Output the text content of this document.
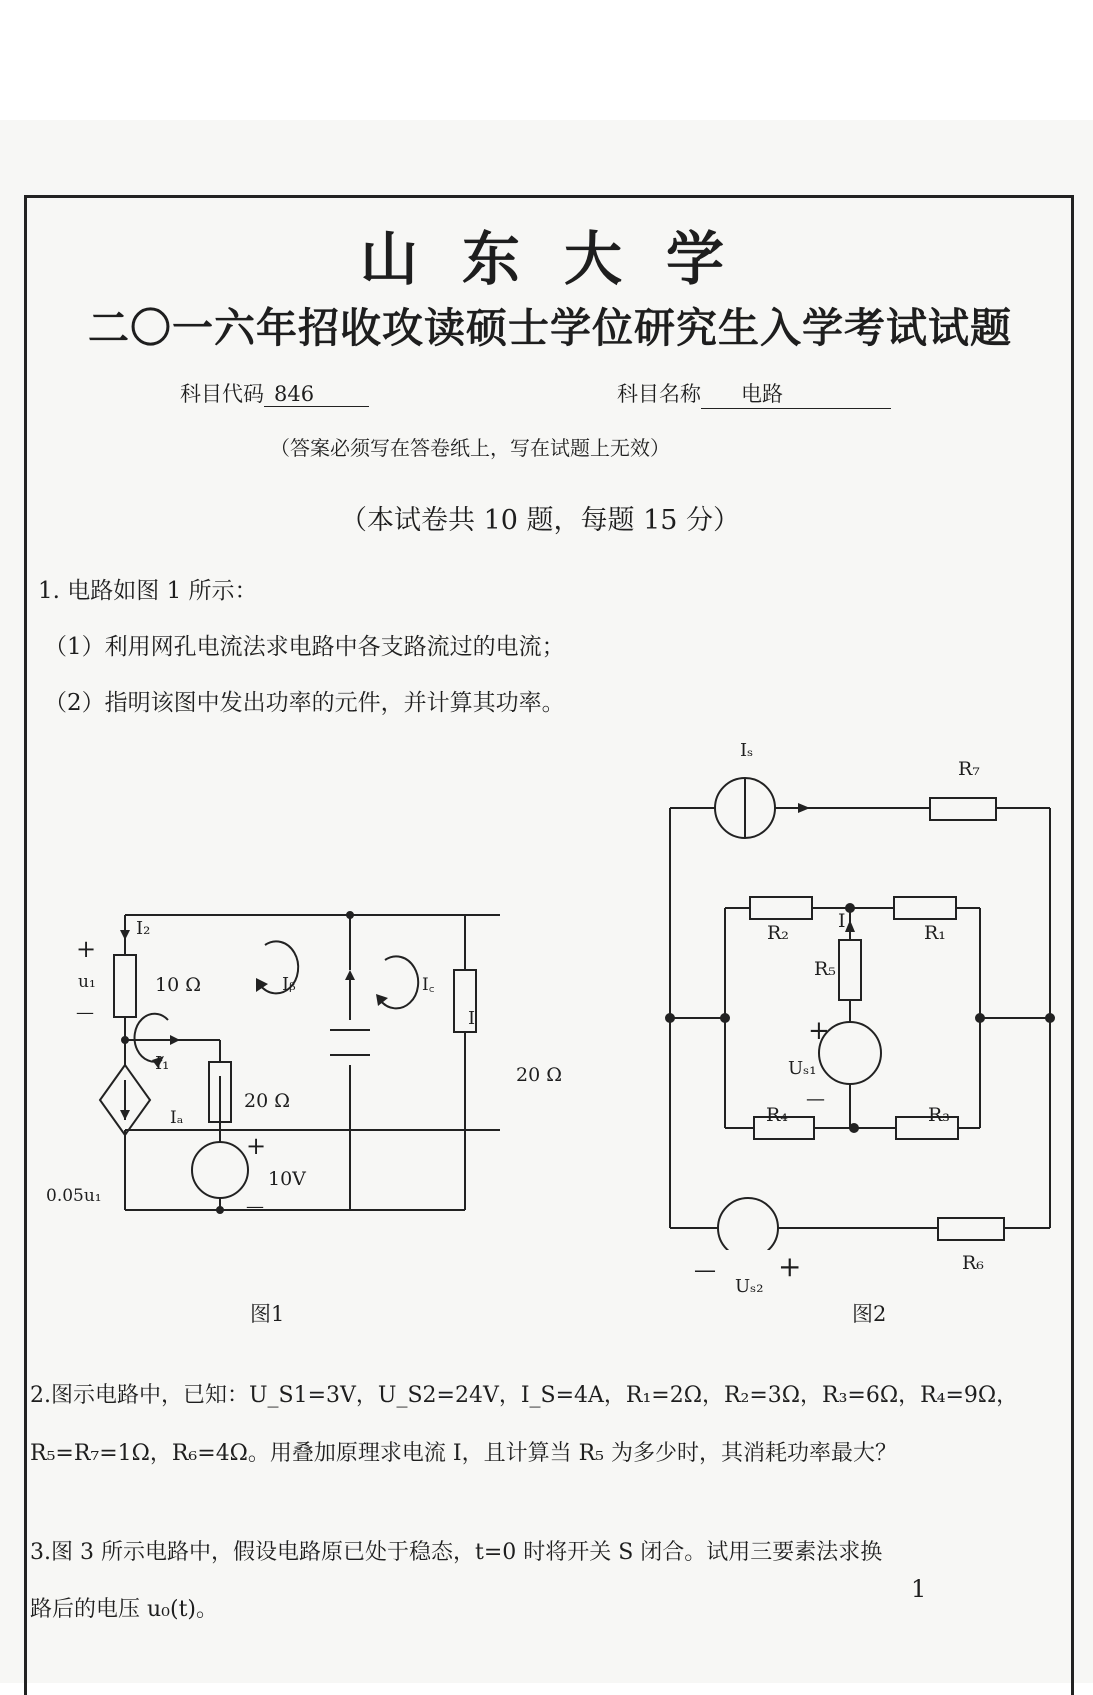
山东大学
二〇一六年招收攻读硕士学位研究生入学考试试题
科目代码 846	科目名称 电路
（答案必须写在答卷纸上，写在试题上无效）
（本试卷共 10 题，每题 15 分）
1. 电路如图 1 所示：
（1）利用网孔电流法求电路中各支路流过的电流；
（2）指明该图中发出功率的元件，并计算其功率。
I₂
+
u₁
—
10 Ω	Iᵦ
I₁
Iₐ
20 Ω
+
10V
—
0.05u₁
I꜀
I
20 Ω
图1
Iₛ
R₇
R₂
I
R₁
R₅
+
Uₛ₁
—
R₄	R₃
— +
Uₛ₂
R₆
图2
2.图示电路中，已知：U_S1=3V，U_S2=24V，I_S=4A，R₁=2Ω，R₂=3Ω，R₃=6Ω，R₄=9Ω，
R₅=R₇=1Ω，R₆=4Ω。用叠加原理求电流 I，且计算当 R₅ 为多少时，其消耗功率最大？
3.图 3 所示电路中，假设电路原已处于稳态，t=0 时将开关 S 闭合。试用三要素法求换
路后的电压 u₀(t)。
1
